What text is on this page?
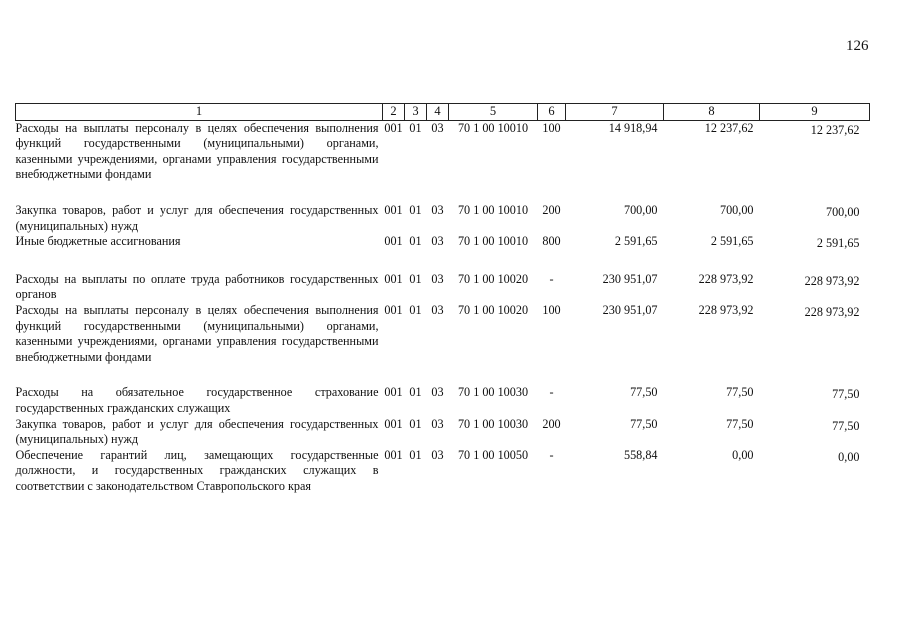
126
1	2	3	4	5	6	7	8	9
Расходы на выплаты персоналу в целях обеспечения выполнения функций государственными (муниципальными) органами, казенными учреждениями, органами управления государственными внебюджетными фондами	001	01	03	70 1 00 10010	100	14 918,94	12 237,62	12 237,62

Закупка товаров, работ и услуг для обеспечения государственных (муниципальных) нужд	001	01	03	70 1 00 10010	200	700,00	700,00	700,00
Иные бюджетные ассигнования	001	01	03	70 1 00 10010	800	2 591,65	2 591,65	2 591,65

Расходы на выплаты по оплате труда работников государственных органов	001	01	03	70 1 00 10020	-	230 951,07	228 973,92	228 973,92
Расходы на выплаты персоналу в целях обеспечения выполнения функций государственными (муниципальными) органами, казенными учреждениями, органами управления государственными внебюджетными фондами	001	01	03	70 1 00 10020	100	230 951,07	228 973,92	228 973,92

Расходы на обязательное государственное страхование государственных гражданских служащих	001	01	03	70 1 00 10030	-	77,50	77,50	77,50
Закупка товаров, работ и услуг для обеспечения государственных (муниципальных) нужд	001	01	03	70 1 00 10030	200	77,50	77,50	77,50
Обеспечение гарантий лиц, замещающих государственные должности, и государственных гражданских служащих в соответствии с законодательством Ставропольского края	001	01	03	70 1 00 10050	-	558,84	0,00	0,00
